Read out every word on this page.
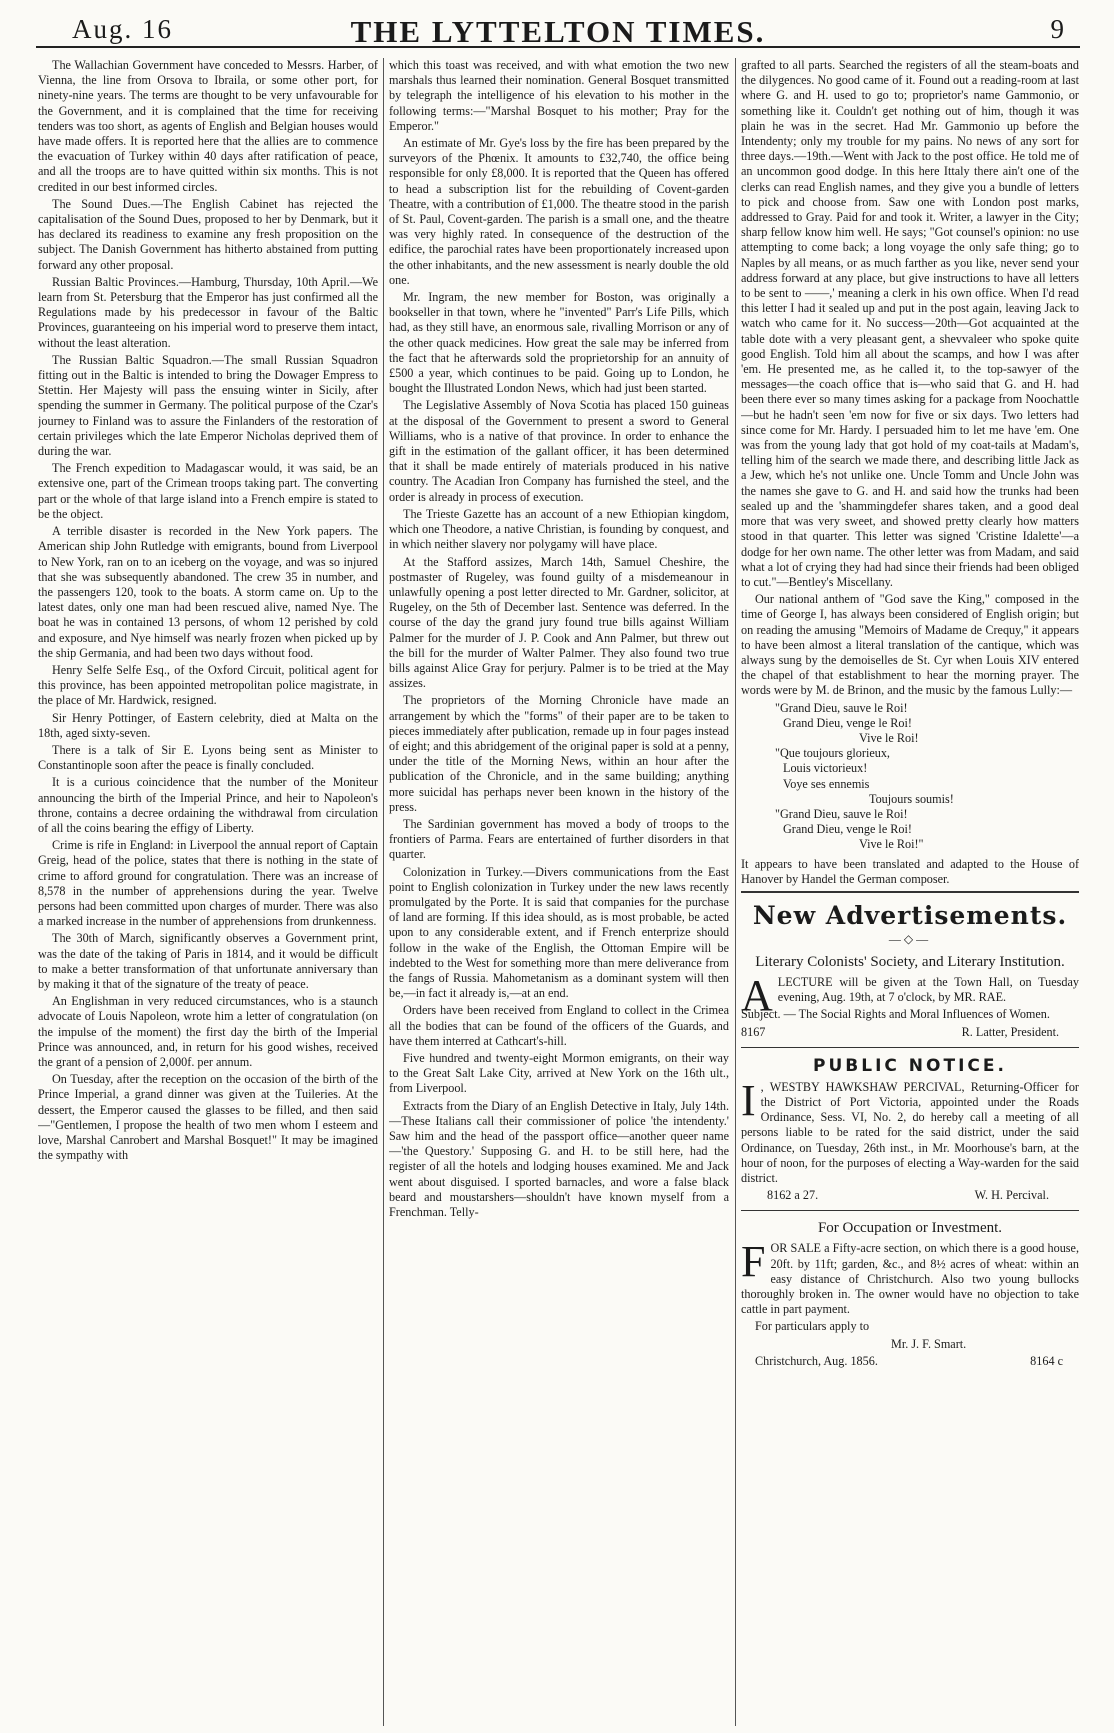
THE LYTTELTON TIMES.
Aug. 16	9

The Wallachian Government have conceded to Messrs. Harber, of Vienna, the line from Orsova to Ibraila, or some other port, for ninety-nine years. The terms are thought to be very unfavourable for the Government, and it is complained that the time for receiving tenders was too short, as agents of English and Belgian houses would have made offers. It is reported here that the allies are to commence the evacuation of Turkey within 40 days after ratification of peace, and all the troops are to have quitted within six months. This is not credited in our best informed circles.

The Sound Dues.—The English Cabinet has rejected the capitalisation of the Sound Dues, proposed to her by Denmark, but it has declared its readiness to examine any fresh proposition on the subject. The Danish Government has hitherto abstained from putting forward any other proposal.

Russian Baltic Provinces.—Hamburg, Thursday, 10th April.—We learn from St. Petersburg that the Emperor has just confirmed all the Regulations made by his predecessor in favour of the Baltic Provinces, guaranteeing on his imperial word to preserve them intact, without the least alteration.

The Russian Baltic Squadron.—The small Russian Squadron fitting out in the Baltic is intended to bring the Dowager Empress to Stettin. Her Majesty will pass the ensuing winter in Sicily, after spending the summer in Germany. The political purpose of the Czar's journey to Finland was to assure the Finlanders of the restoration of certain privileges which the late Emperor Nicholas deprived them of during the war.

The French expedition to Madagascar would, it was said, be an extensive one, part of the Crimean troops taking part. The converting part or the whole of that large island into a French empire is stated to be the object.

A terrible disaster is recorded in the New York papers. The American ship John Rutledge with emigrants, bound from Liverpool to New York, ran on to an iceberg on the voyage, and was so injured that she was subsequently abandoned. The crew 35 in number, and the passengers 120, took to the boats. A storm came on. Up to the latest dates, only one man had been rescued alive, named Nye. The boat he was in contained 13 persons, of whom 12 perished by cold and exposure, and Nye himself was nearly frozen when picked up by the ship Germania, and had been two days without food.

Henry Selfe Selfe Esq., of the Oxford Circuit, political agent for this province, has been appointed metropolitan police magistrate, in the place of Mr. Hardwick, resigned.

Sir Henry Pottinger, of Eastern celebrity, died at Malta on the 18th, aged sixty-seven.

There is a talk of Sir E. Lyons being sent as Minister to Constantinople soon after the peace is finally concluded.

It is a curious coincidence that the number of the Moniteur announcing the birth of the Imperial Prince, and heir to Napoleon's throne, contains a decree ordaining the withdrawal from circulation of all the coins bearing the effigy of Liberty.

Crime is rife in England: in Liverpool the annual report of Captain Greig, head of the police, states that there is nothing in the state of crime to afford ground for congratulation. There was an increase of 8,578 in the number of apprehensions during the year. Twelve persons had been committed upon charges of murder. There was also a marked increase in the number of apprehensions from drunkenness.

The 30th of March, significantly observes a Government print, was the date of the taking of Paris in 1814, and it would be difficult to make a better transformation of that unfortunate anniversary than by making it that of the signature of the treaty of peace.

An Englishman in very reduced circumstances, who is a staunch advocate of Louis Napoleon, wrote him a letter of congratulation (on the impulse of the moment) the first day the birth of the Imperial Prince was announced, and, in return for his good wishes, received the grant of a pension of 2,000f. per annum.

On Tuesday, after the reception on the occasion of the birth of the Prince Imperial, a grand dinner was given at the Tuileries. At the dessert, the Emperor caused the glasses to be filled, and then said—"Gentlemen, I propose the health of two men whom I esteem and love, Marshal Canrobert and Marshal Bosquet!" It may be imagined the sympathy with

which this toast was received, and with what emotion the two new marshals thus learned their nomination. General Bosquet transmitted by telegraph the intelligence of his elevation to his mother in the following terms:—"Marshal Bosquet to his mother; Pray for the Emperor."

An estimate of Mr. Gye's loss by the fire has been prepared by the surveyors of the Phœnix. It amounts to £32,740, the office being responsible for only £8,000. It is reported that the Queen has offered to head a subscription list for the rebuilding of Covent-garden Theatre, with a contribution of £1,000. The theatre stood in the parish of St. Paul, Covent-garden. The parish is a small one, and the theatre was very highly rated. In consequence of the destruction of the edifice, the parochial rates have been proportionately increased upon the other inhabitants, and the new assessment is nearly double the old one.

Mr. Ingram, the new member for Boston, was originally a bookseller in that town, where he "invented" Parr's Life Pills, which had, as they still have, an enormous sale, rivalling Morrison or any of the other quack medicines. How great the sale may be inferred from the fact that he afterwards sold the proprietorship for an annuity of £500 a year, which continues to be paid. Going up to London, he bought the Illustrated London News, which had just been started.

The Legislative Assembly of Nova Scotia has placed 150 guineas at the disposal of the Government to present a sword to General Williams, who is a native of that province. In order to enhance the gift in the estimation of the gallant officer, it has been determined that it shall be made entirely of materials produced in his native country. The Acadian Iron Company has furnished the steel, and the order is already in process of execution.

The Trieste Gazette has an account of a new Ethiopian kingdom, which one Theodore, a native Christian, is founding by conquest, and in which neither slavery nor polygamy will have place.

At the Stafford assizes, March 14th, Samuel Cheshire, the postmaster of Rugeley, was found guilty of a misdemeanour in unlawfully opening a post letter directed to Mr. Gardner, solicitor, at Rugeley, on the 5th of December last. Sentence was deferred. In the course of the day the grand jury found true bills against William Palmer for the murder of J. P. Cook and Ann Palmer, but threw out the bill for the murder of Walter Palmer. They also found two true bills against Alice Gray for perjury. Palmer is to be tried at the May assizes.

The proprietors of the Morning Chronicle have made an arrangement by which the "forms" of their paper are to be taken to pieces immediately after publication, remade up in four pages instead of eight; and this abridgement of the original paper is sold at a penny, under the title of the Morning News, within an hour after the publication of the Chronicle, and in the same building; anything more suicidal has perhaps never been known in the history of the press.

The Sardinian government has moved a body of troops to the frontiers of Parma. Fears are entertained of further disorders in that quarter.

Colonization in Turkey.—Divers communications from the East point to English colonization in Turkey under the new laws recently promulgated by the Porte. It is said that companies for the purchase of land are forming. If this idea should, as is most probable, be acted upon to any considerable extent, and if French enterprize should follow in the wake of the English, the Ottoman Empire will be indebted to the West for something more than mere deliverance from the fangs of Russia. Mahometanism as a dominant system will then be,—in fact it already is,—at an end.

Orders have been received from England to collect in the Crimea all the bodies that can be found of the officers of the Guards, and have them interred at Cathcart's-hill.

Five hundred and twenty-eight Mormon emigrants, on their way to the Great Salt Lake City, arrived at New York on the 16th ult., from Liverpool.

Extracts from the Diary of an English Detective in Italy, July 14th.—These Italians call their commissioner of police 'the intendenty.' Saw him and the head of the passport office—another queer name—'the Questory.' Supposing G. and H. to be still here, had the register of all the hotels and lodging houses examined. Me and Jack went about disguised. I sported barnacles, and wore a false black beard and moustarshers—shouldn't have known myself from a Frenchman. Telly-

grafted to all parts. Searched the registers of all the steam-boats and the dilygences. No good came of it. Found out a reading-room at last where G. and H. used to go to; proprietor's name Gammonio, or something like it. Couldn't get nothing out of him, though it was plain he was in the secret. Had Mr. Gammonio up before the Intendenty; only my trouble for my pains. No news of any sort for three days.—19th.—Went with Jack to the post office. He told me of an uncommon good dodge. In this here Ittaly there ain't one of the clerks can read English names, and they give you a bundle of letters to pick and choose from. Saw one with London post marks, addressed to Gray. Paid for and took it. Writer, a lawyer in the City; sharp fellow know him well. He says; "Got counsel's opinion: no use attempting to come back; a long voyage the only safe thing; go to Naples by all means, or as much farther as you like, never send your address forward at any place, but give instructions to have all letters to be sent to ——,' meaning a clerk in his own office. When I'd read this letter I had it sealed up and put in the post again, leaving Jack to watch who came for it. No success—20th—Got acquainted at the table dote with a very pleasant gent, a shevvaleer who spoke quite good English. Told him all about the scamps, and how I was after 'em. He presented me, as he called it, to the top-sawyer of the messages—the coach office that is—who said that G. and H. had been there ever so many times asking for a package from Noochattle—but he hadn't seen 'em now for five or six days. Two letters had since come for Mr. Hardy. I persuaded him to let me have 'em. One was from the young lady that got hold of my coat-tails at Madam's, telling him of the search we made there, and describing little Jack as a Jew, which he's not unlike one. Uncle Tomm and Uncle John was the names she gave to G. and H. and said how the trunks had been sealed up and the 'shammingdefer shares taken, and a good deal more that was very sweet, and showed pretty clearly how matters stood in that quarter. This letter was signed 'Cristine Idalette'—a dodge for her own name. The other letter was from Madam, and said what a lot of crying they had had since their friends had been obliged to cut."—Bentley's Miscellany.

Our national anthem of "God save the King," composed in the time of George I, has always been considered of English origin; but on reading the amusing "Memoirs of Madame de Crequy," it appears to have been almost a literal translation of the cantique, which was always sung by the demoiselles de St. Cyr when Louis XIV entered the chapel of that establishment to hear the morning prayer. The words were by M. de Brinon, and the music by the famous Lully:—

"Grand Dieu, sauve le Roi!
Grand Dieu, venge le Roi!
Vive le Roi!
"Que toujours glorieux,
Louis victorieux!
Voye ses ennemis
Toujours soumis!
"Grand Dieu, sauve le Roi!
Grand Dieu, venge le Roi!
Vive le Roi!"

It appears to have been translated and adapted to the House of Hanover by Handel the German composer.

New Advertisements.
—◇—
Literary Colonists' Society, and Literary Institution.
A LECTURE will be given at the Town Hall, on Tuesday evening, Aug. 19th, at 7 o'clock, by MR. RAE.
Subject. — The Social Rights and Moral Influences of Women.
8167	R. Latter, President.
PUBLIC NOTICE.
I , WESTBY HAWKSHAW PERCIVAL, Returning-Officer for the District of Port Victoria, appointed under the Roads Ordinance, Sess. VI, No. 2, do hereby call a meeting of all persons liable to be rated for the said district, under the said Ordinance, on Tuesday, 26th inst., in Mr. Moorhouse's barn, at the hour of noon, for the purposes of electing a Way-warden for the said district.
8162 a 27.	W. H. Percival.
For Occupation or Investment.
F OR SALE a Fifty-acre section, on which there is a good house, 20ft. by 11ft; garden, &c., and 8½ acres of wheat: within an easy distance of Christchurch. Also two young bullocks thoroughly broken in. The owner would have no objection to take cattle in part payment.
For particulars apply to
Mr. J. F. Smart.
Christchurch, Aug. 1856.	8164 c
